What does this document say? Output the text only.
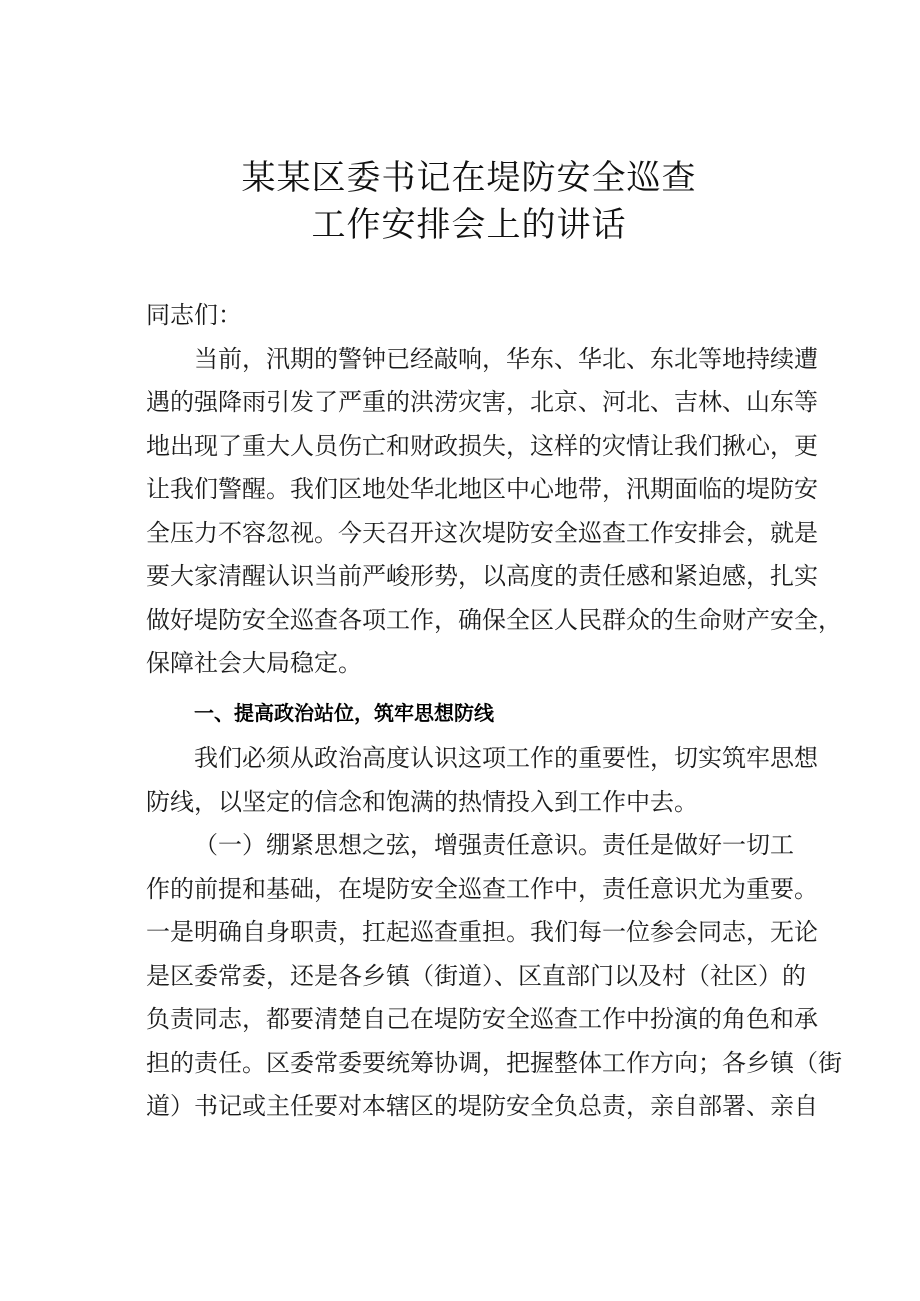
某某区委书记在堤防安全巡查
工作安排会上的讲话
同志们：
当前，汛期的警钟已经敲响，华东、华北、东北等地持续遭
遇的强降雨引发了严重的洪涝灾害，北京、河北、吉林、山东等
地出现了重大人员伤亡和财政损失，这样的灾情让我们揪心，更
让我们警醒。我们区地处华北地区中心地带，汛期面临的堤防安
全压力不容忽视。今天召开这次堤防安全巡查工作安排会，就是
要大家清醒认识当前严峻形势，以高度的责任感和紧迫感，扎实
做好堤防安全巡查各项工作，确保全区人民群众的生命财产安全，
保障社会大局稳定。
一、提高政治站位，筑牢思想防线
我们必须从政治高度认识这项工作的重要性，切实筑牢思想
防线，以坚定的信念和饱满的热情投入到工作中去。
（一）绷紧思想之弦，增强责任意识。责任是做好一切工
作的前提和基础，在堤防安全巡查工作中，责任意识尤为重要。
一是明确自身职责，扛起巡查重担。我们每一位参会同志，无论
是区委常委，还是各乡镇（街道）、区直部门以及村（社区）的
负责同志，都要清楚自己在堤防安全巡查工作中扮演的角色和承
担的责任。区委常委要统筹协调，把握整体工作方向；各乡镇（街
道）书记或主任要对本辖区的堤防安全负总责，亲自部署、亲自
